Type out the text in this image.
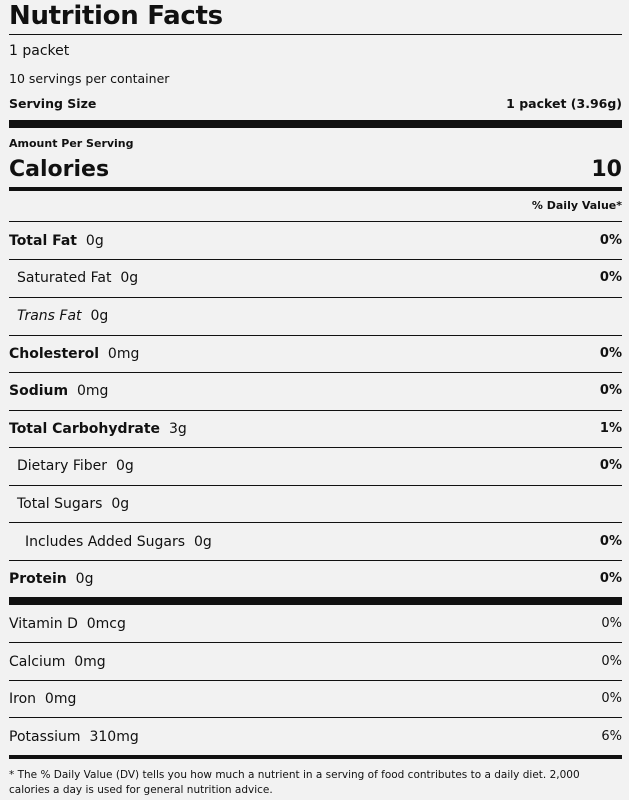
Nutrition Facts
1 packet
10 servings per container
Serving Size	1 packet (3.96g)
Amount Per Serving
Calories	10
% Daily Value*
Total Fat 0g	0%
Saturated Fat 0g	0%
Trans Fat 0g
Cholesterol 0mg	0%
Sodium 0mg	0%
Total Carbohydrate 3g	1%
Dietary Fiber 0g	0%
Total Sugars 0g
Includes Added Sugars 0g	0%
Protein 0g	0%
Vitamin D 0mcg	0%
Calcium 0mg	0%
Iron 0mg	0%
Potassium 310mg	6%
* The % Daily Value (DV) tells you how much a nutrient in a serving of food contributes to a daily diet. 2,000 calories a day is used for general nutrition advice.
